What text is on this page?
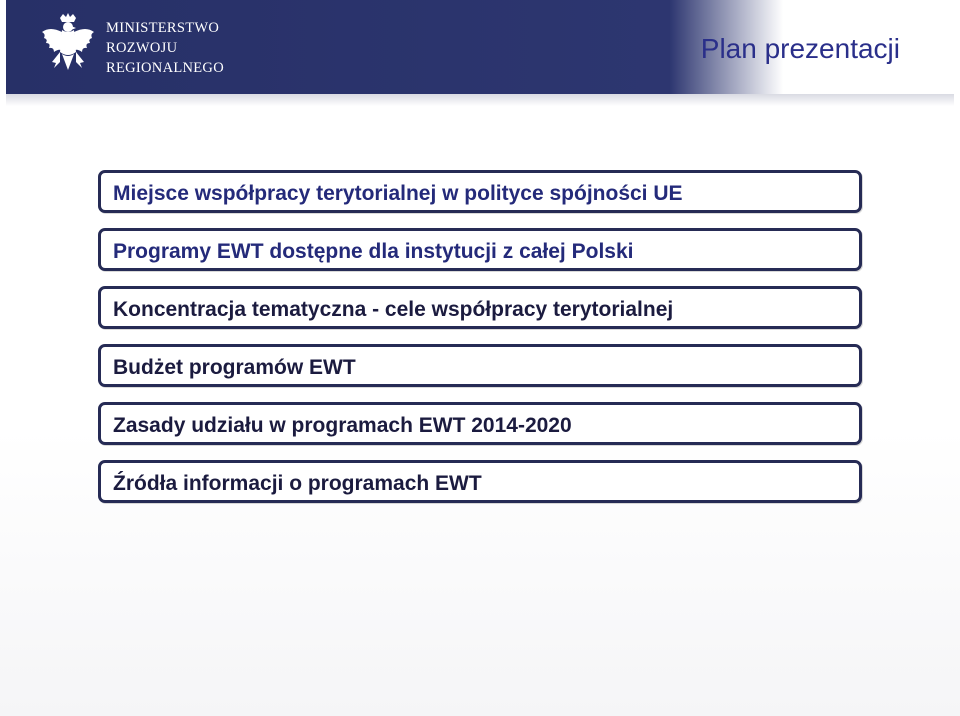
MINISTERSTWO
ROZWOJU
REGIONALNEGO
Plan prezentacji
Miejsce współpracy terytorialnej w polityce spójności UE
Programy EWT dostępne dla instytucji z całej Polski
Koncentracja tematyczna - cele współpracy terytorialnej
Budżet programów EWT
Zasady udziału w programach EWT 2014-2020
Źródła informacji o programach EWT
